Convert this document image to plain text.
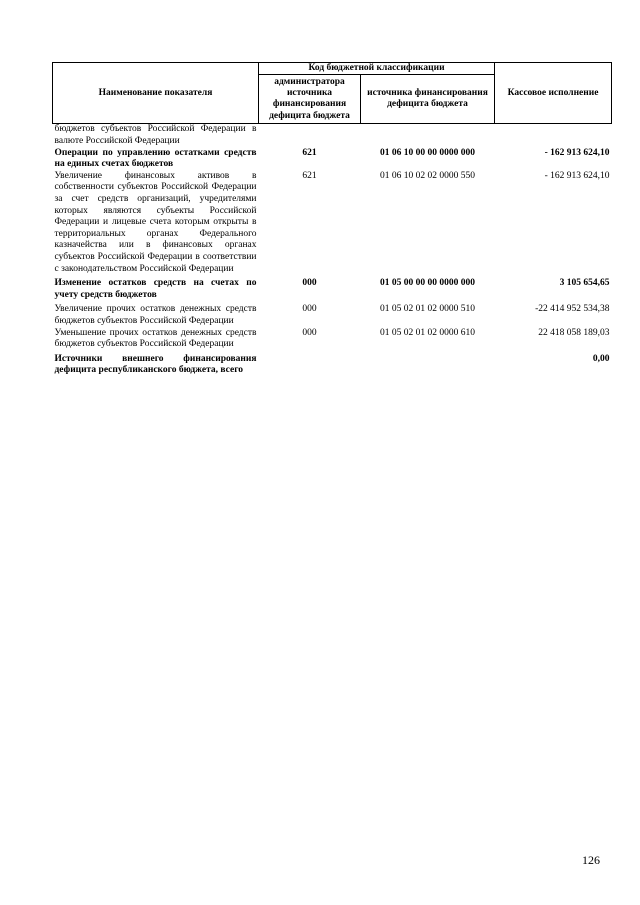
Наименование показателя	Код бюджетной классификации		Кассовое исполнение
	администратора источника финансирования дефицита бюджета	источника финансирования дефицита бюджета	
бюджетов субъектов Российской Федерации в валюте Российской Федерации			
Операции по управлению остатками средств на единых счетах бюджетов	621	01 06 10 00 00 0000 000	- 162 913 624,10
Увеличение финансовых активов в собственности субъектов Российской Федерации за счет средств организаций, учредителями которых являются субъекты Российской Федерации и лицевые счета которым открыты в территориальных органах Федерального казначейства или в финансовых органах субъектов Российской Федерации в соответствии с законодательством Российской Федерации	621	01 06 10 02 02 0000 550	- 162 913 624,10
Изменение остатков средств на счетах по учету средств бюджетов	000	01 05 00 00 00 0000 000	3 105 654,65
Увеличение прочих остатков денежных средств бюджетов субъектов Российской Федерации	000	01 05 02 01 02 0000 510	-22 414 952 534,38
Уменьшение прочих остатков денежных средств бюджетов субъектов Российской Федерации	000	01 05 02 01 02 0000 610	22 418 058 189,03
Источники внешнего финансирования дефицита республиканского бюджета, всего			0,00
126
